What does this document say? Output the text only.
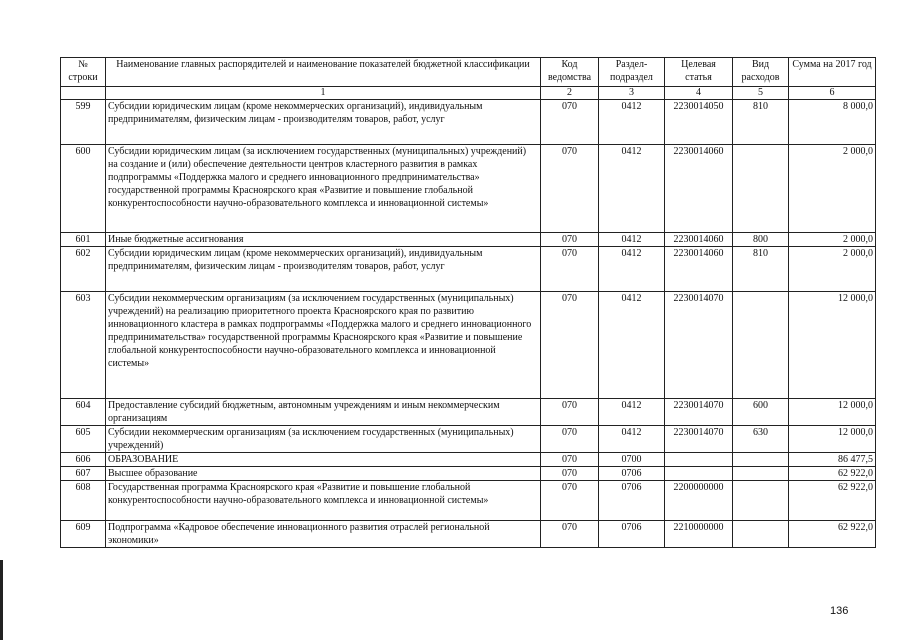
№ строки	Наименование главных распорядителей и наименование показателей бюджетной классификации	Код ведомства	Раздел-подраздел	Целевая статья	Вид расходов	Сумма на 2017 год
	1	2	3	4	5	6
599	Субсидии юридическим лицам (кроме некоммерческих организаций), индивидуальным предпринимателям, физическим лицам - производителям товаров, работ, услуг	070	0412	2230014050	810	8 000,0
600	Субсидии юридическим лицам (за исключением государственных (муниципальных) учреждений) на создание и (или) обеспечение деятельности центров кластерного развития в рамках подпрограммы «Поддержка малого и среднего инновационного предпринимательства» государственной программы Красноярского края «Развитие и повышение глобальной конкурентоспособности научно-образовательного комплекса и инновационной системы»	070	0412	2230014060		2 000,0
601	Иные бюджетные ассигнования	070	0412	2230014060	800	2 000,0
602	Субсидии юридическим лицам (кроме некоммерческих организаций), индивидуальным предпринимателям, физическим лицам - производителям товаров, работ, услуг	070	0412	2230014060	810	2 000,0
603	Субсидии некоммерческим организациям (за исключением государственных (муниципальных) учреждений) на реализацию приоритетного проекта Красноярского края по развитию инновационного кластера в рамках подпрограммы «Поддержка малого и среднего инновационного предпринимательства» государственной программы Красноярского края «Развитие и повышение глобальной конкурентоспособности научно-образовательного комплекса и инновационной системы»	070	0412	2230014070		12 000,0
604	Предоставление субсидий бюджетным, автономным учреждениям и иным некоммерческим организациям	070	0412	2230014070	600	12 000,0
605	Субсидии некоммерческим организациям (за исключением государственных (муниципальных) учреждений)	070	0412	2230014070	630	12 000,0
606	ОБРАЗОВАНИЕ	070	0700			86 477,5
607	Высшее образование	070	0706			62 922,0
608	Государственная программа Красноярского края «Развитие и повышение глобальной конкурентоспособности научно-образовательного комплекса и инновационной системы»	070	0706	2200000000		62 922,0
609	Подпрограмма «Кадровое обеспечение инновационного развития отраслей региональной экономики»	070	0706	2210000000		62 922,0
136
